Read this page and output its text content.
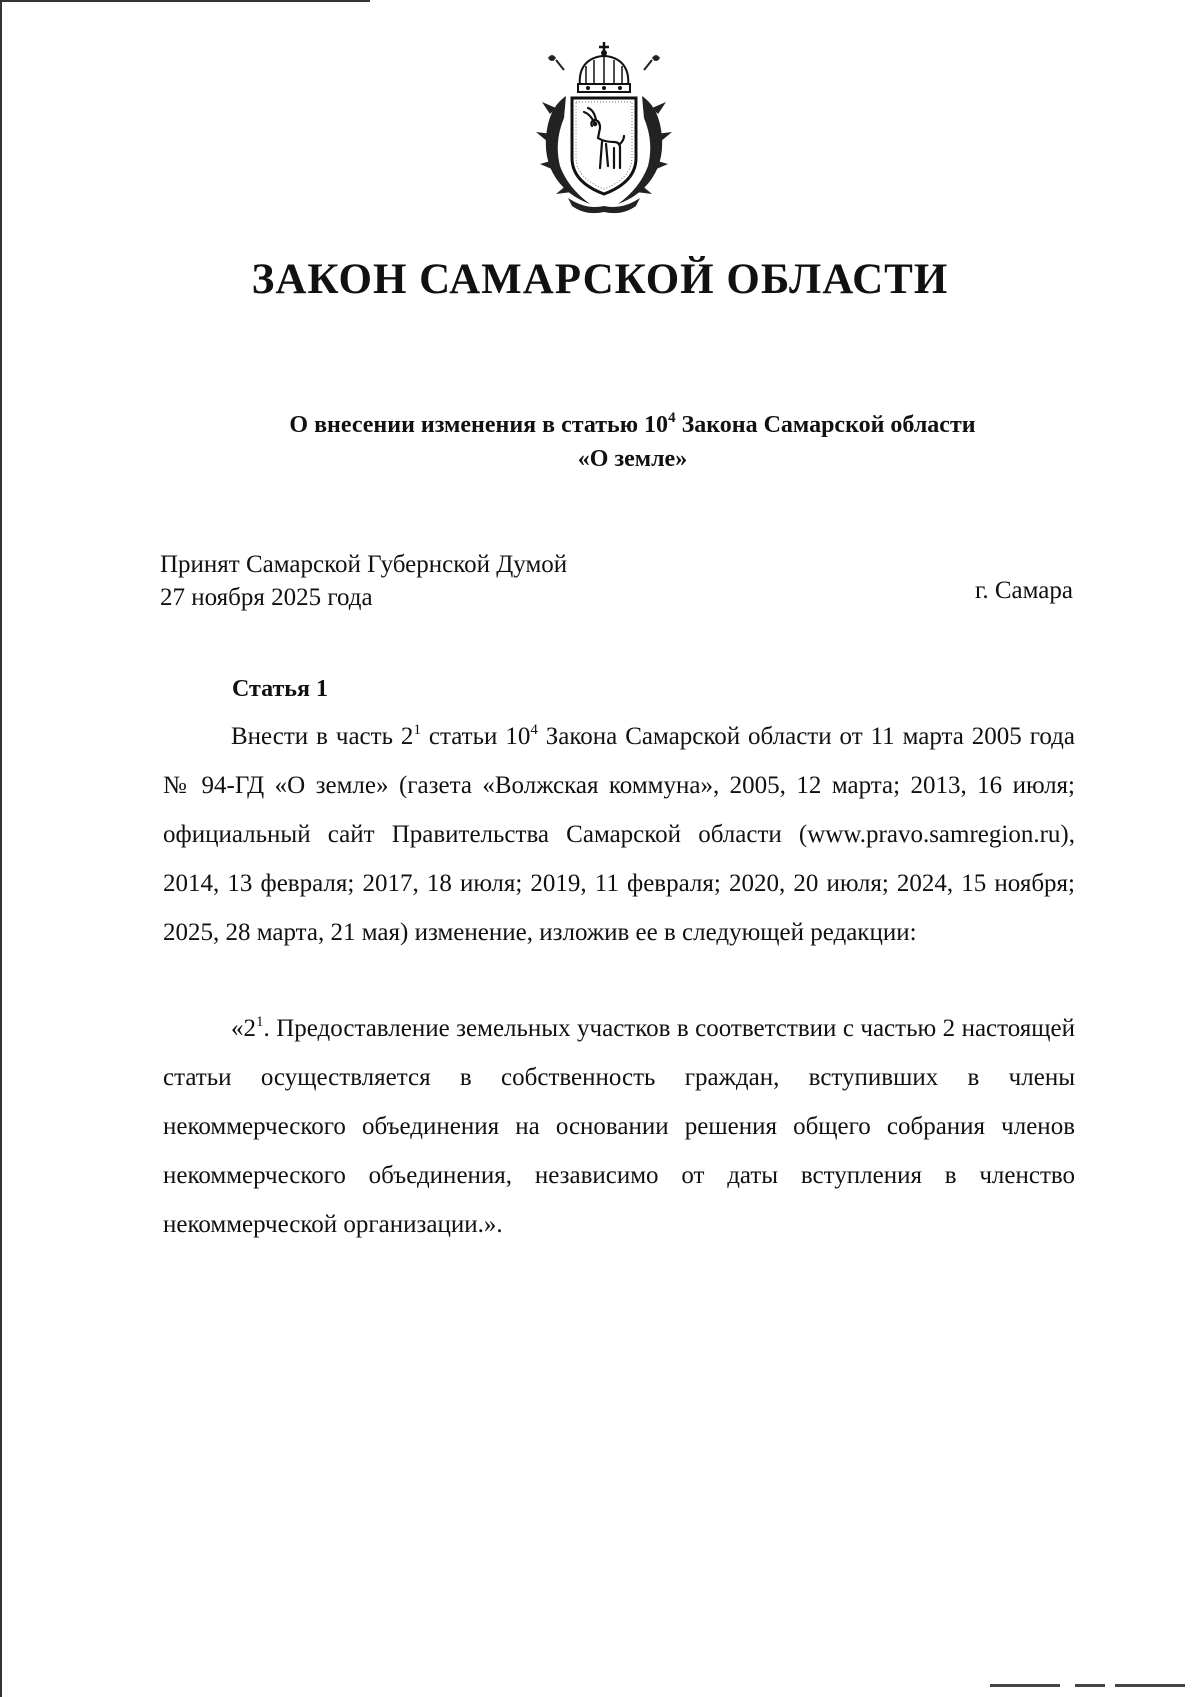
ЗАКОН САМАРСКОЙ ОБЛАСТИ
О внесении изменения в статью $10^4$ Закона Самарской области
«О земле»
Принят Самарской Губернской Думой
27 ноября 2025 года	г. Самара
Статья 1

Внести в часть $2^1$ статьи $10^4$ Закона Самарской области от 11 марта 2005 года № 94-ГД «О земле» (газета «Волжская коммуна», 2005, 12 марта; 2013, 16 июля; официальный сайт Правительства Самарской области (www.pravo.samregion.ru), 2014, 13 февраля; 2017, 18 июля; 2019, 11 февраля; 2020, 20 июля; 2024, 15 ноября; 2025, 28 марта, 21 мая) изменение, изложив ее в следующей редакции:

«$2^1$. Предоставление земельных участков в соответствии с частью 2 настоящей статьи осуществляется в собственность граждан, вступивших в члены некоммерческого объединения на основании решения общего собрания членов некоммерческого объединения, независимо от даты вступления в членство некоммерческой организации.».
